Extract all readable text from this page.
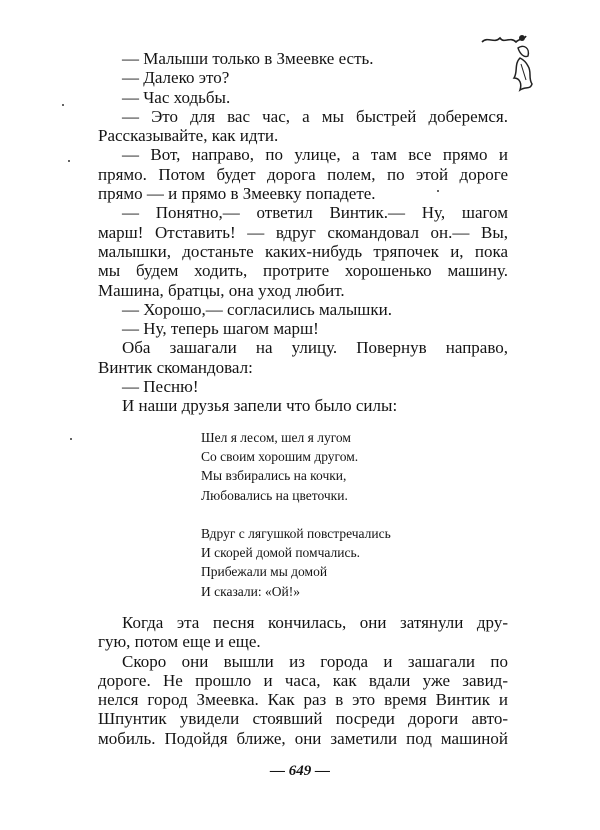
— Малыши только в Змеевке есть.

— Далеко это?

— Час ходьбы.

— Это для вас час, а мы быстрей доберемся.

Рассказывайте, как идти.

— Вот, направо, по улице, а там все прямо и

прямо. Потом будет дорога полем, по этой дороге

прямо — и прямо в Змеевку попадете.

— Понятно,— ответил Винтик.— Ну, шагом

марш! Отставить! — вдруг скомандовал он.— Вы,

малышки, достаньте каких-нибудь тряпочек и, пока

мы будем ходить, протрите хорошенько машину.

Машина, братцы, она уход любит.

— Хорошо,— согласились малышки.

— Ну, теперь шагом марш!

Оба зашагали на улицу. Повернув направо,

Винтик скомандовал:

— Песню!

И наши друзья запели что было силы:

Шел я лесом, шел я лугом
Со своим хорошим другом.
Мы взбирались на кочки,
Любовались на цветочки.
Вдруг с лягушкой повстречались
И скорей домой помчались.
Прибежали мы домой
И сказали: «Ой!»

Когда эта песня кончилась, они затянули дру-

гую, потом еще и еще.

Скоро они вышли из города и зашагали по

дороге. Не прошло и часа, как вдали уже завид-

нелся город Змеевка. Как раз в это время Винтик и

Шпунтик увидели стоявший посреди дороги авто-

мобиль. Подойдя ближе, они заметили под машиной

— 649 —
